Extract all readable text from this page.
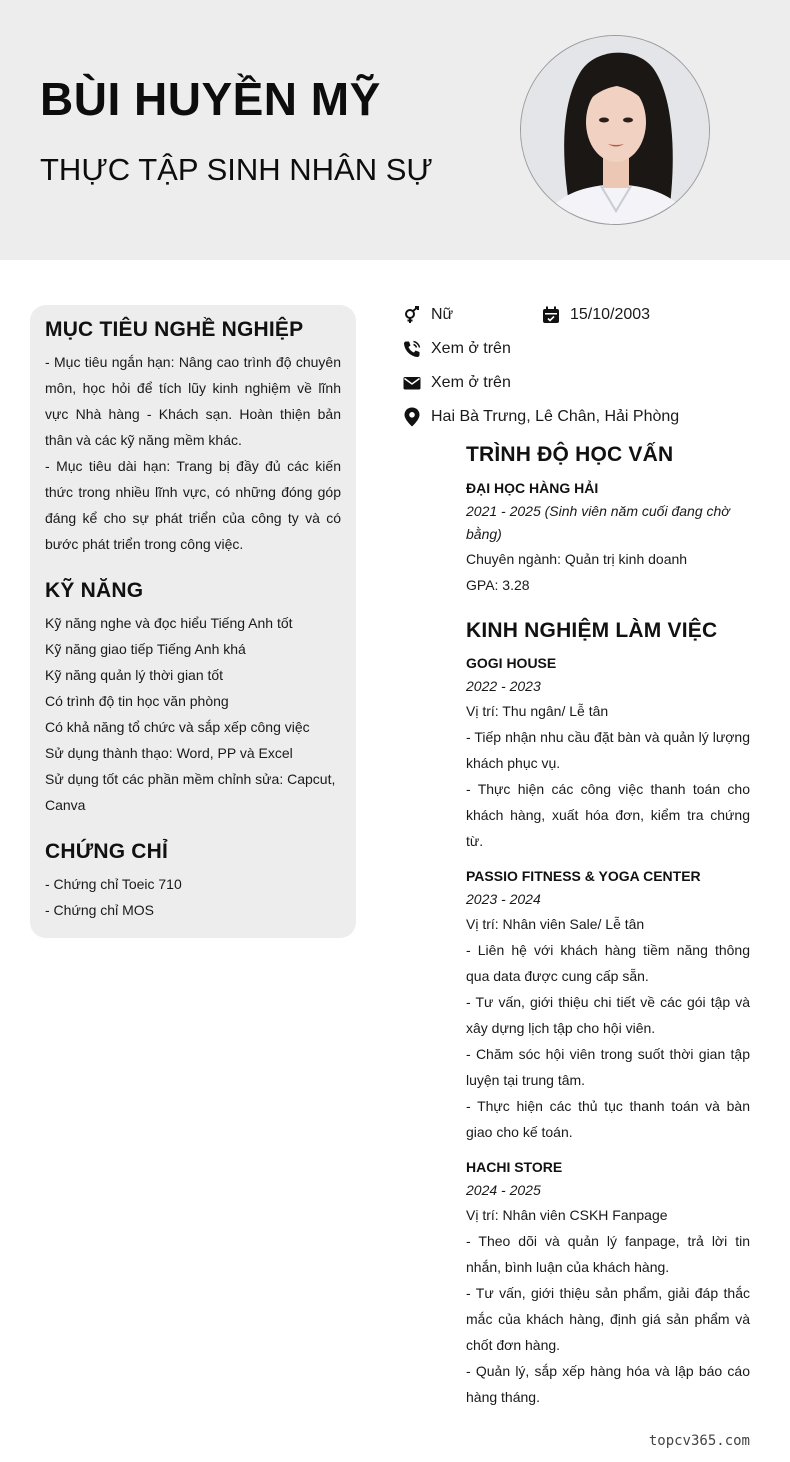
BÙI HUYỀN MỸ
THỰC TẬP SINH NHÂN SỰ
MỤC TIÊU NGHỀ NGHIỆP
- Mục tiêu ngắn hạn: Nâng cao trình độ chuyên môn, học hỏi để tích lũy kinh nghiệm về lĩnh vực Nhà hàng - Khách sạn. Hoàn thiện bản thân và các kỹ năng mềm khác.
- Mục tiêu dài hạn: Trang bị đầy đủ các kiến thức trong nhiều lĩnh vực, có những đóng góp đáng kể cho sự phát triển của công ty và có bước phát triển trong công việc.
KỸ NĂNG
Kỹ năng nghe và đọc hiểu Tiếng Anh tốt
Kỹ năng giao tiếp Tiếng Anh khá
Kỹ năng quản lý thời gian tốt
Có trình độ tin học văn phòng
Có khả năng tổ chức và sắp xếp công việc
Sử dụng thành thạo: Word, PP và Excel
Sử dụng tốt các phần mềm chỉnh sửa: Capcut, Canva
CHỨNG CHỈ
- Chứng chỉ Toeic 710
- Chứng chỉ MOS
Nữ	15/10/2003
Xem ở trên
Xem ở trên
Hai Bà Trưng, Lê Chân, Hải Phòng
TRÌNH ĐỘ HỌC VẤN
ĐẠI HỌC HÀNG HẢI
2021 - 2025 (Sinh viên năm cuối đang chờ bằng)
Chuyên ngành: Quản trị kinh doanh
GPA: 3.28
KINH NGHIỆM LÀM VIỆC
GOGI HOUSE
2022 - 2023
Vị trí: Thu ngân/ Lễ tân
- Tiếp nhận nhu cầu đặt bàn và quản lý lượng khách phục vụ.
- Thực hiện các công việc thanh toán cho khách hàng, xuất hóa đơn, kiểm tra chứng từ.
PASSIO FITNESS & YOGA CENTER
2023 - 2024
Vị trí: Nhân viên Sale/ Lễ tân
- Liên hệ với khách hàng tiềm năng thông qua data được cung cấp sẵn.
- Tư vấn, giới thiệu chi tiết về các gói tập và xây dựng lịch tập cho hội viên.
- Chăm sóc hội viên trong suốt thời gian tập luyện tại trung tâm.
- Thực hiện các thủ tục thanh toán và bàn giao cho kế toán.
HACHI STORE
2024 - 2025
Vị trí: Nhân viên CSKH Fanpage
- Theo dõi và quản lý fanpage, trả lời tin nhắn, bình luận của khách hàng.
- Tư vấn, giới thiệu sản phẩm, giải đáp thắc mắc của khách hàng, định giá sản phẩm và chốt đơn hàng.
- Quản lý, sắp xếp hàng hóa và lập báo cáo hàng tháng.
topcv365.com
